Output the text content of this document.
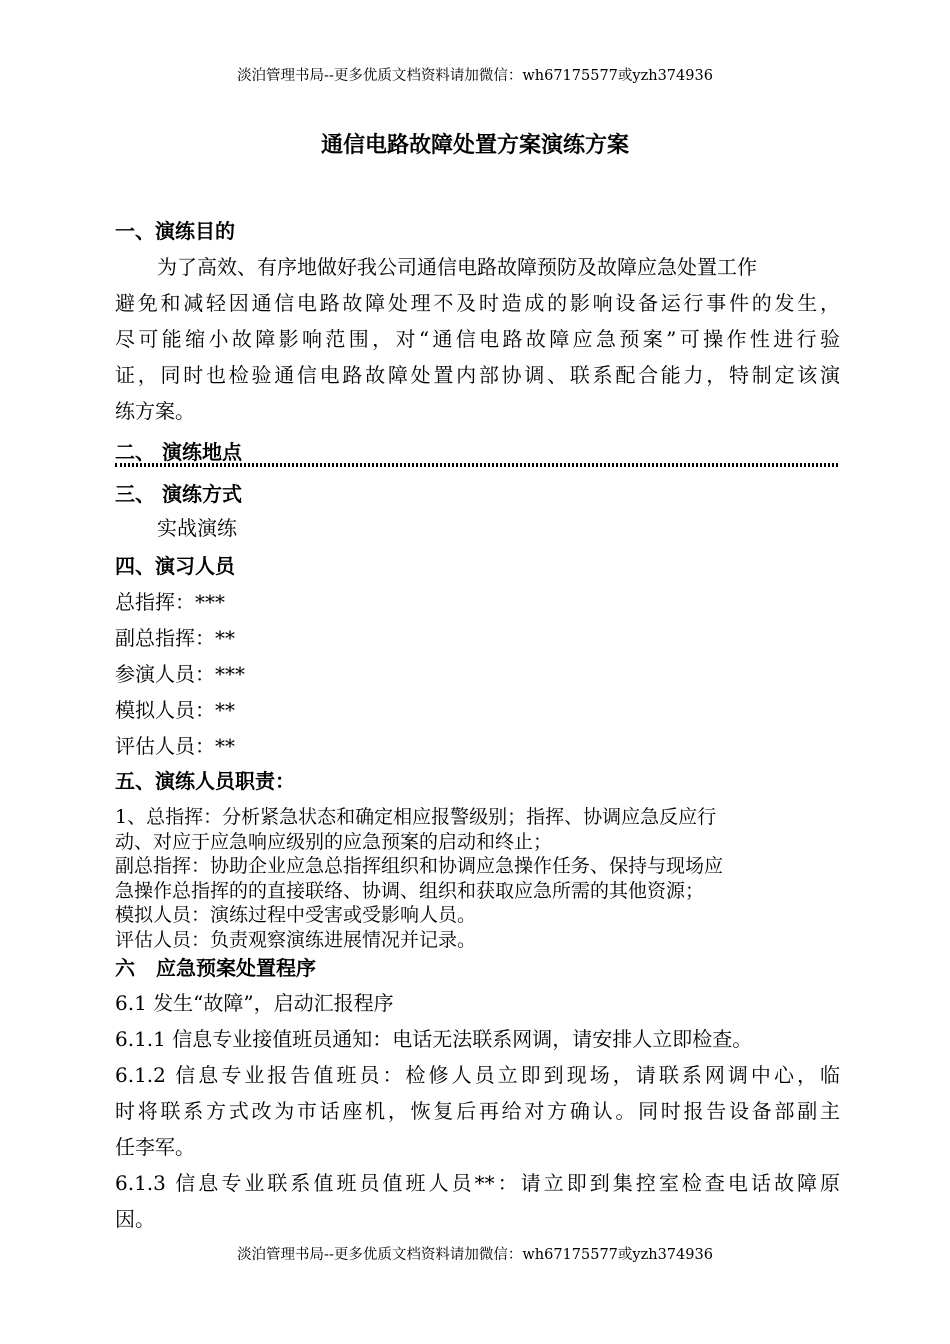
淡泊管理书局--更多优质文档资料请加微信：wh67175577或yzh374936
通信电路故障处置方案演练方案
一、演练目的
为了高效、有序地做好我公司通信电路故障预防及故障应急处置工作
避免和减轻因通信电路故障处理不及时造成的影响设备运行事件的发生，
尽可能缩小故障影响范围，对“通信电路故障应急预案”可操作性进行验
证，同时也检验通信电路故障处置内部协调、联系配合能力，特制定该演
练方案。
二、 演练地点
三、 演练方式
实战演练
四、演习人员
总指挥：***
副总指挥：**
参演人员：***
模拟人员：**
评估人员：**
五、演练人员职责：
1、总指挥：分析紧急状态和确定相应报警级别；指挥、协调应急反应行
动、对应于应急响应级别的应急预案的启动和终止；
副总指挥：协助企业应急总指挥组织和协调应急操作任务、保持与现场应
急操作总指挥的的直接联络、协调、组织和获取应急所需的其他资源；
模拟人员：演练过程中受害或受影响人员。
评估人员：负责观察演练进展情况并记录。
六 应急预案处置程序
6.1 发生“故障”，启动汇报程序
6.1.1 信息专业接值班员通知：电话无法联系网调，请安排人立即检查。
6.1.2 信息专业报告值班员：检修人员立即到现场，请联系网调中心，临
时将联系方式改为市话座机，恢复后再给对方确认。同时报告设备部副主
任李军。
6.1.3 信息专业联系值班员值班人员**：请立即到集控室检查电话故障原
因。
淡泊管理书局--更多优质文档资料请加微信：wh67175577或yzh374936
